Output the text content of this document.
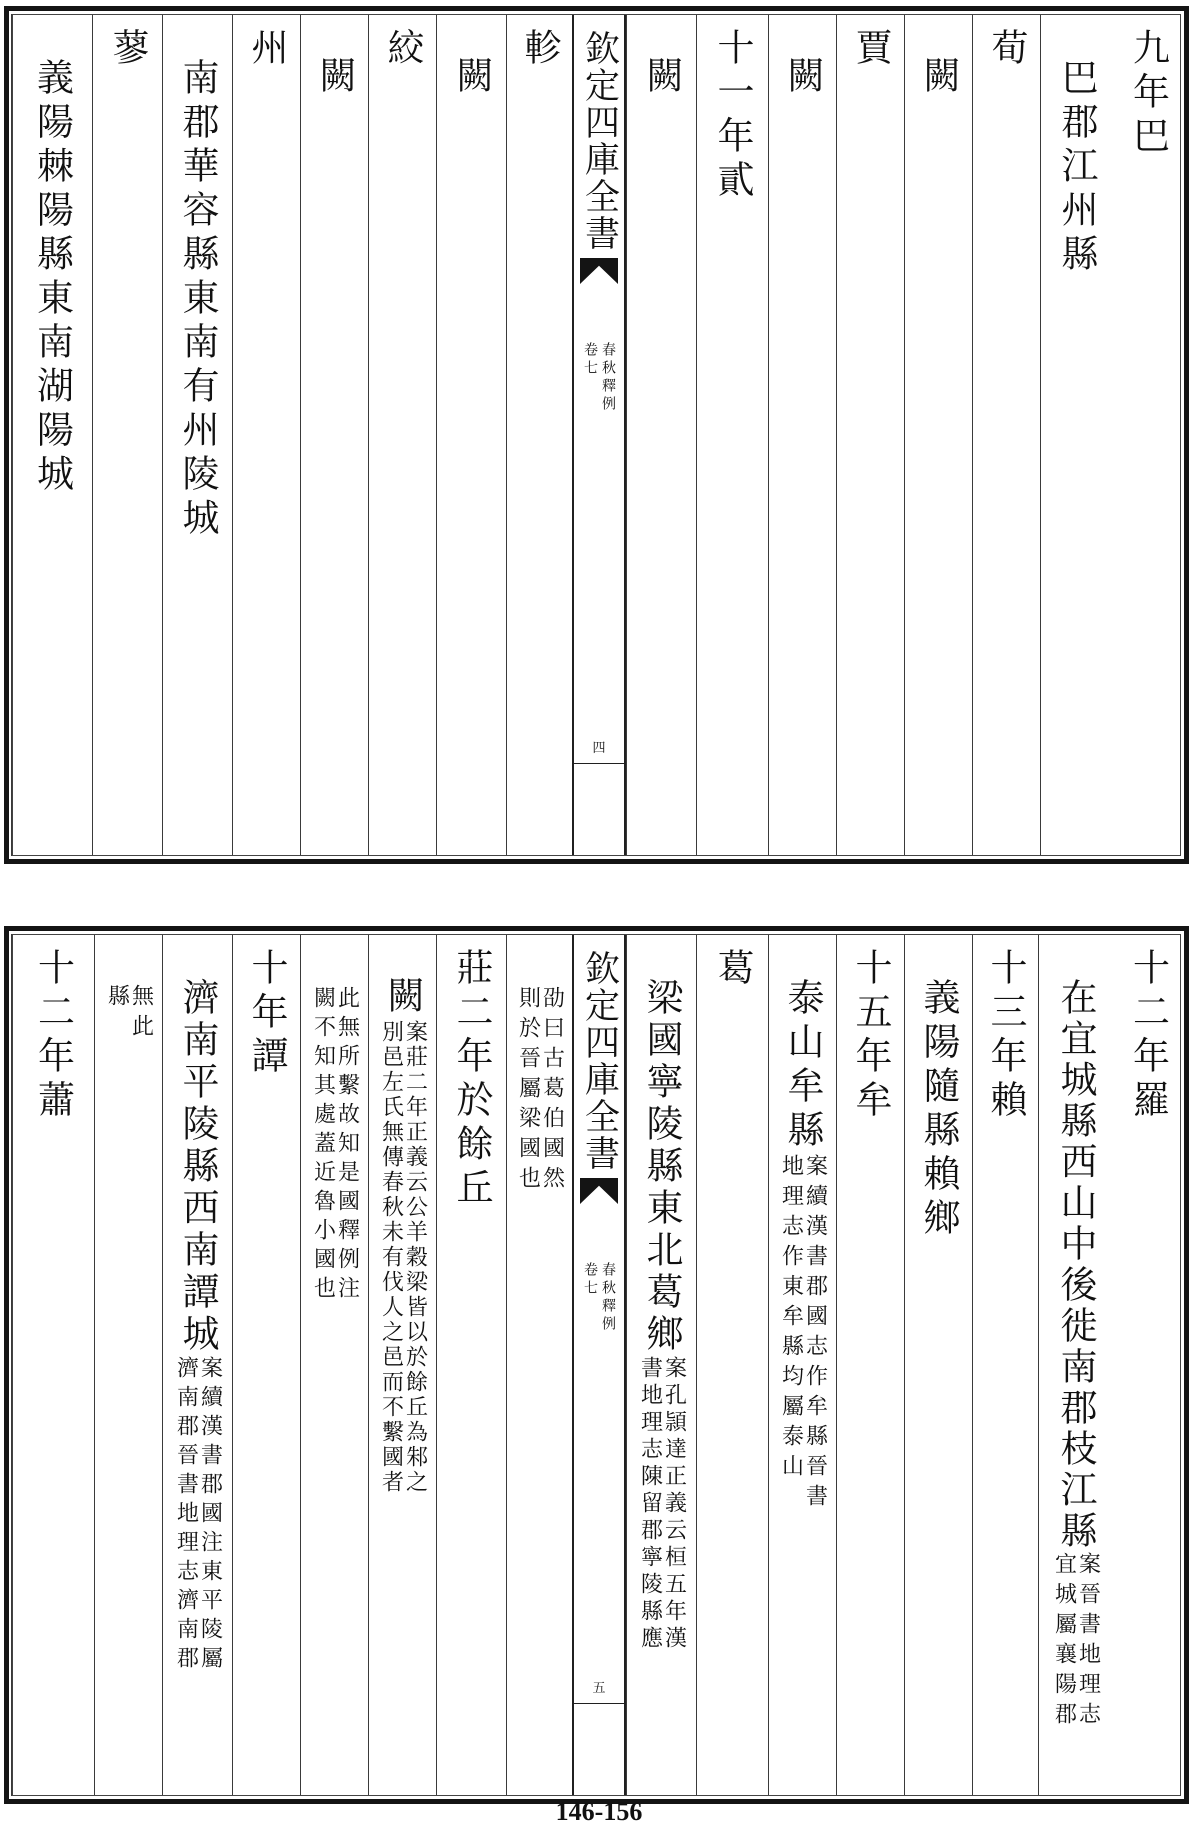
九年巴
巴郡江州縣
荀
闕
賈
闕
十一年貳
闕
欽定四庫全書
春秋釋例
卷七
四
軫
闕
絞
闕
州
南郡華容縣東南有州陵城
蓼
義陽棘陽縣東南湖陽城
十二年羅
在宜城縣西山中後徙南郡枝江縣
案晉書地理志
宜城屬襄陽郡
十三年賴
義陽隨縣賴鄉
十五年牟
泰山牟縣
案續漢書郡國志作牟縣晉書
地理志作東牟縣均屬泰山
葛
梁國寧陵縣東北葛鄉
案孔頴達正義云桓五年漢
書地理志陳留郡寧陵縣應
欽定四庫全書
春秋釋例
卷七
五
劭曰古葛伯國然
則於晉屬梁國也
莊二年於餘丘
闕
案莊二年正義云公羊穀梁皆以於餘丘為邾之
別邑左氏無傳春秋未有伐人之邑而不繫國者
此無所繫故知是國釋例注
闕不知其處蓋近魯小國也
十年譚
濟南平陵縣西南譚城
案續漢書郡國注東平陵屬
濟南郡晉書地理志濟南郡
無此
縣
十二年蕭
146-156
